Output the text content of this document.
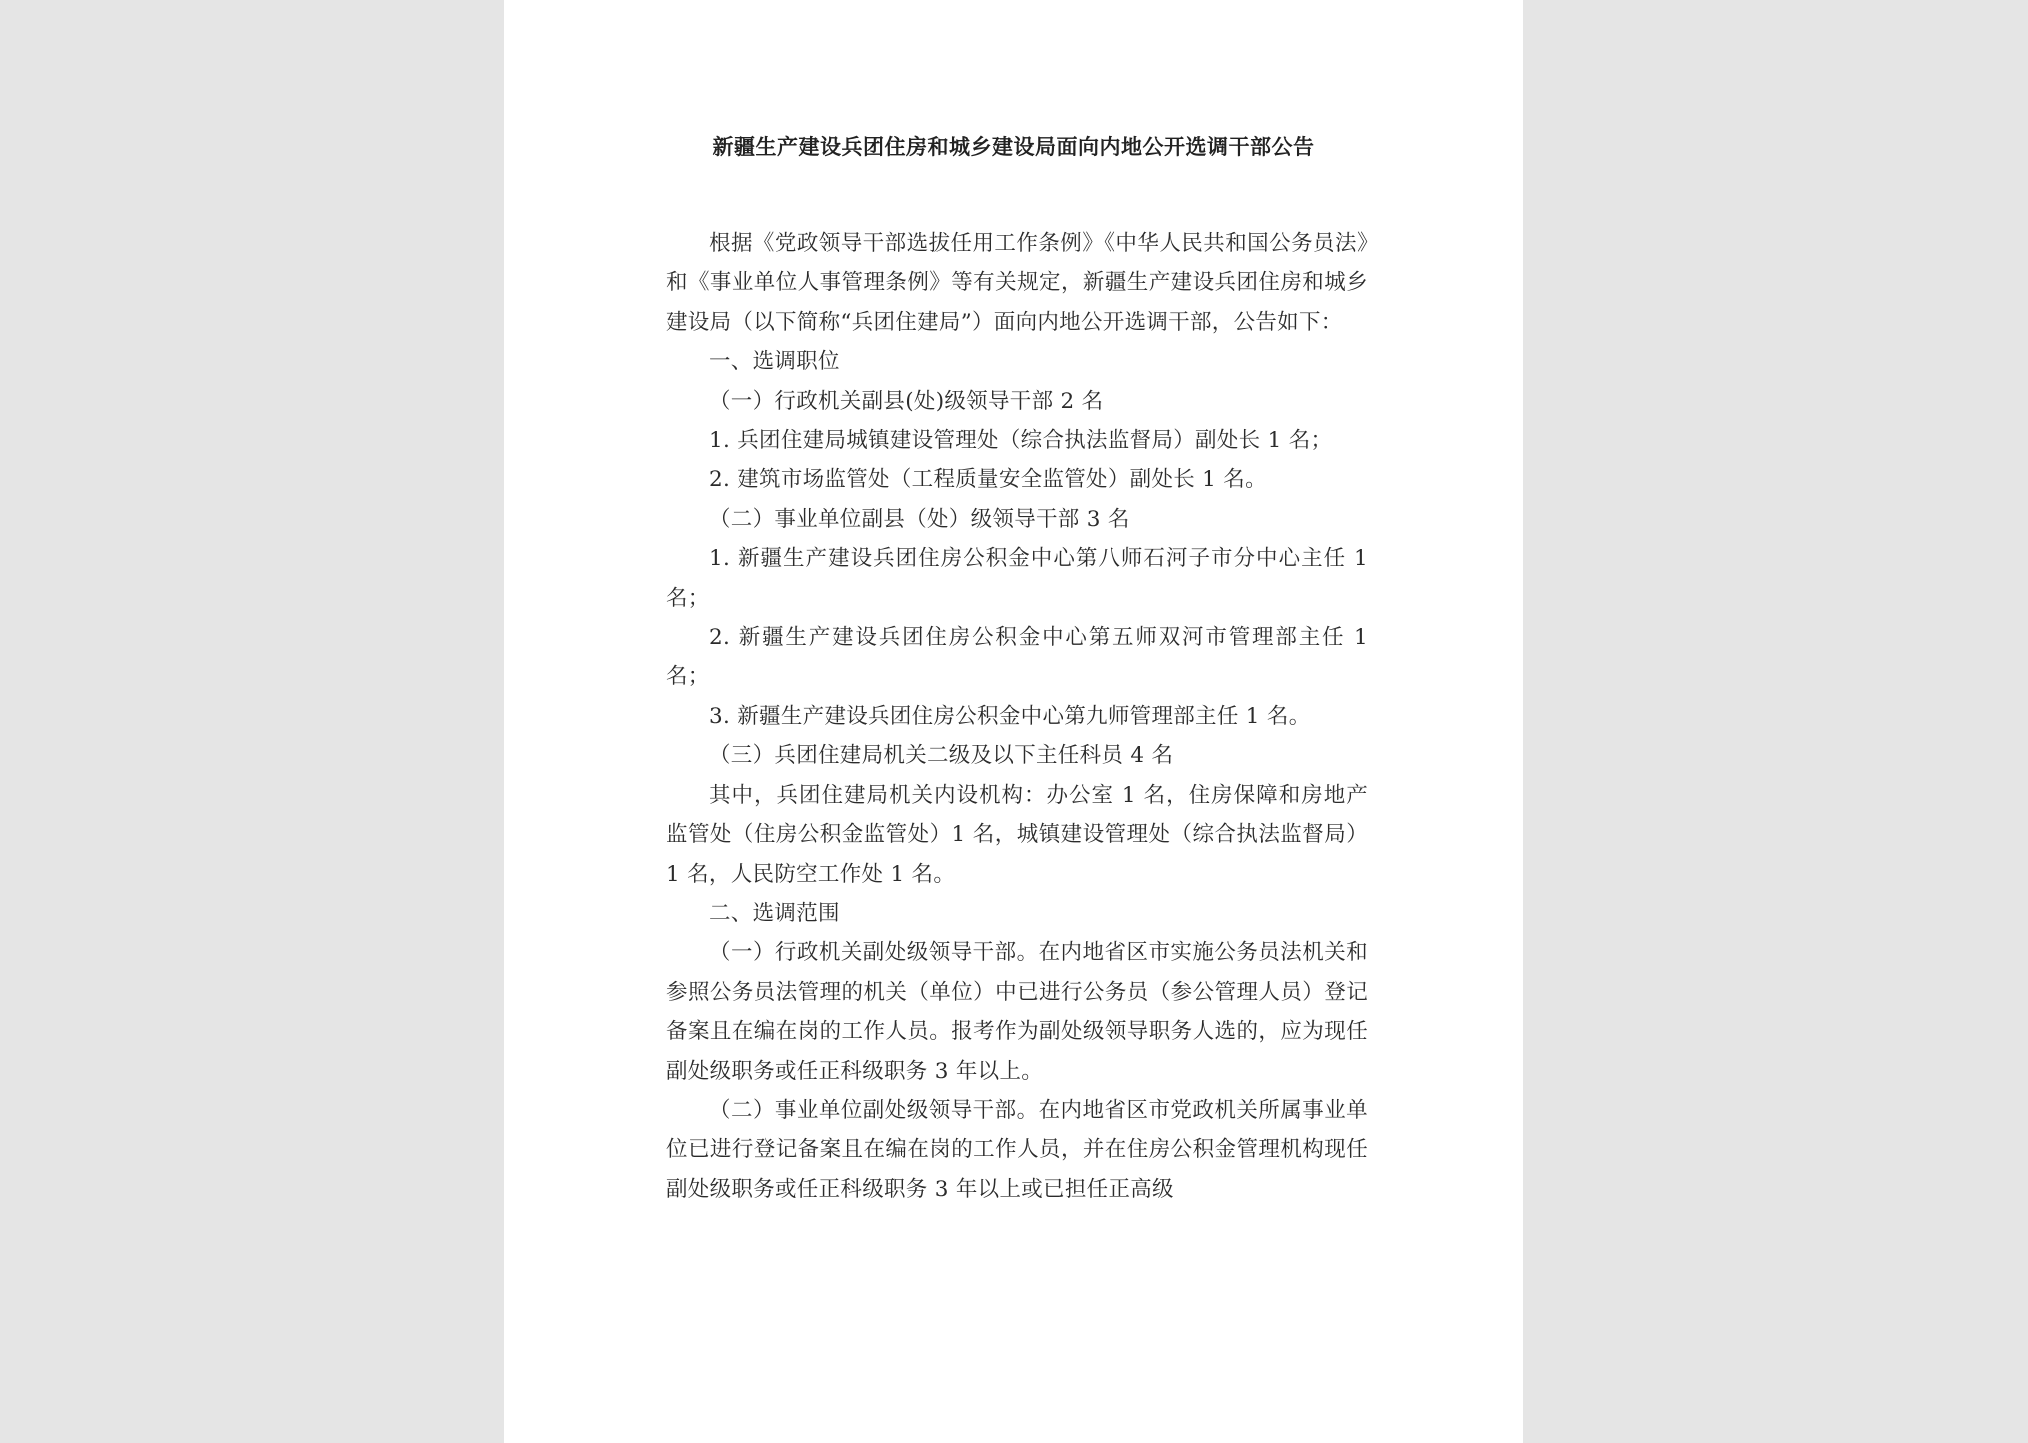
新疆生产建设兵团住房和城乡建设局面向内地公开选调干部公告

根据《党政领导干部选拔任用工作条例》《中华人民共和国公务员法》和《事业单位人事管理条例》等有关规定，新疆生产建设兵团住房和城乡建设局（以下简称“兵团住建局”）面向内地公开选调干部，公告如下：

一、选调职位

（一）行政机关副县(处)级领导干部 2 名

1. 兵团住建局城镇建设管理处（综合执法监督局）副处长 1 名；

2. 建筑市场监管处（工程质量安全监管处）副处长 1 名。

（二）事业单位副县（处）级领导干部 3 名

1. 新疆生产建设兵团住房公积金中心第八师石河子市分中心主任 1 名；

2. 新疆生产建设兵团住房公积金中心第五师双河市管理部主任 1 名；

3. 新疆生产建设兵团住房公积金中心第九师管理部主任 1 名。

（三）兵团住建局机关二级及以下主任科员 4 名

其中，兵团住建局机关内设机构：办公室 1 名，住房保障和房地产监管处（住房公积金监管处）1 名，城镇建设管理处（综合执法监督局）1 名，人民防空工作处 1 名。

二、选调范围

（一）行政机关副处级领导干部。在内地省区市实施公务员法机关和参照公务员法管理的机关（单位）中已进行公务员（参公管理人员）登记备案且在编在岗的工作人员。报考作为副处级领导职务人选的，应为现任副处级职务或任正科级职务 3 年以上。

（二）事业单位副处级领导干部。在内地省区市党政机关所属事业单位已进行登记备案且在编在岗的工作人员，并在住房公积金管理机构现任副处级职务或任正科级职务 3 年以上或已担任正高级
